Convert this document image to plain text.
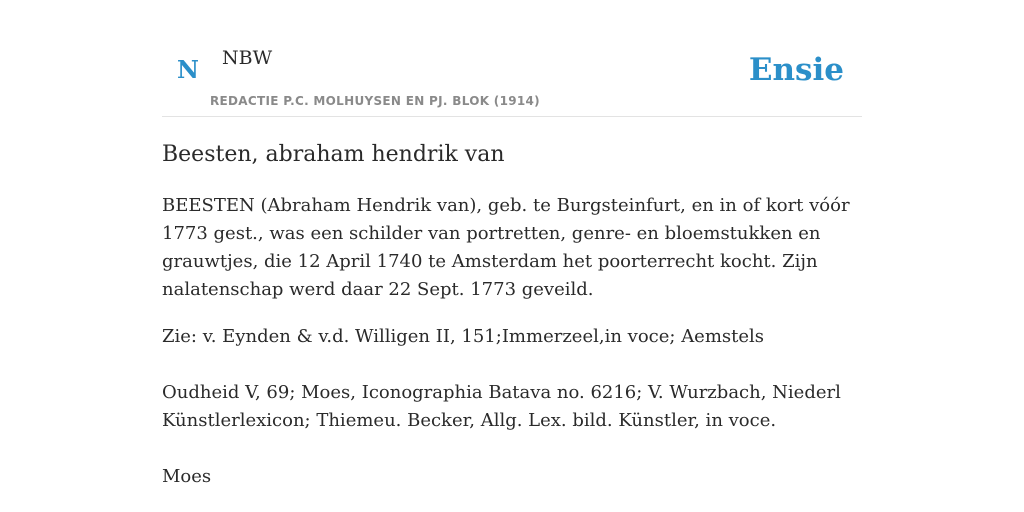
N NBW
REDACTIE P.C. MOLHUYSEN EN PJ. BLOK (1914)
Ensie
Beesten, abraham hendrik van

BEESTEN (Abraham Hendrik van), geb. te Burgsteinfurt, en in of kort vóór 1773 gest., was een schilder van portretten, genre- en bloemstukken en grauwtjes, die 12 April 1740 te Amsterdam het poorterrecht kocht. Zijn nalatenschap werd daar 22 Sept. 1773 geveild.

Zie: v. Eynden & v.d. Willigen II, 151;Immerzeel,in voce; Aemstels

Oudheid V, 69; Moes, Iconographia Batava no. 6216; V. Wurzbach, Niederl Künstlerlexicon; Thiemeu. Becker, Allg. Lex. bild. Künstler, in voce.

Moes
